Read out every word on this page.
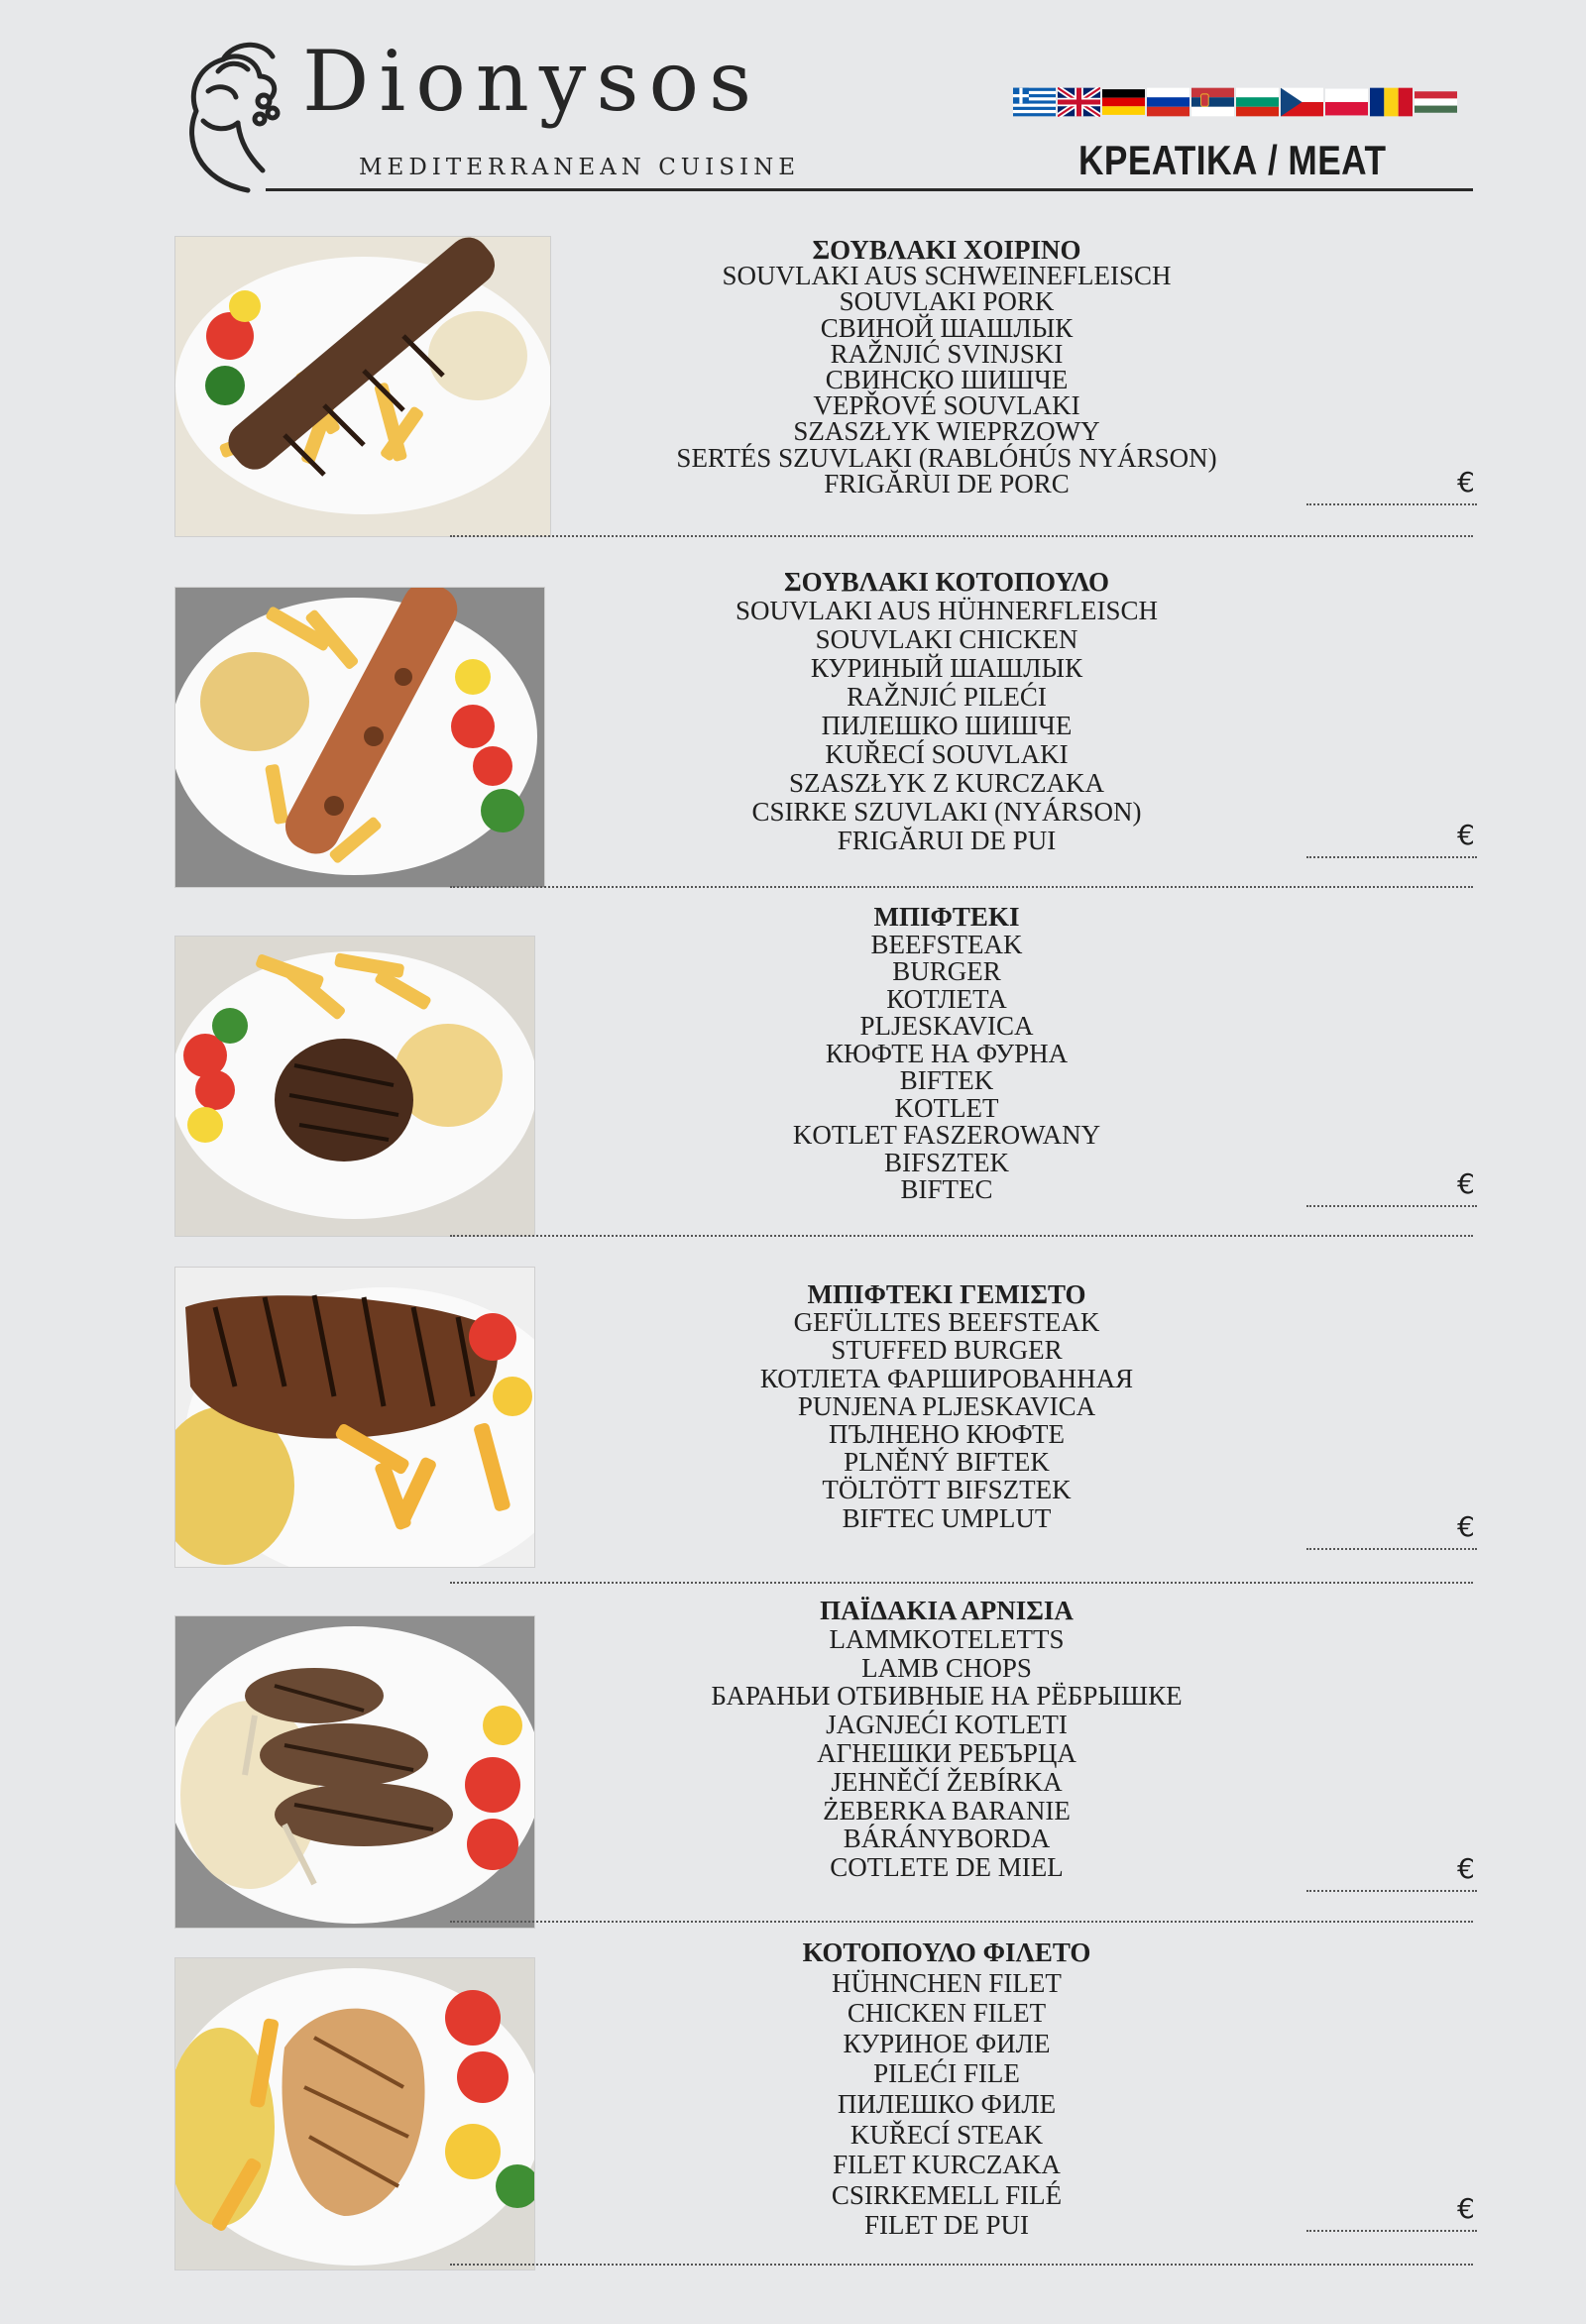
Dionysos
MEDITERRANEAN CUISINE	ΚΡΕΑΤΙΚΑ / MEAT
ΣΟΥΒΛΑΚΙ ΧΟΙΡΙΝΟ
SOUVLAKI AUS SCHWEINEFLEISCH
SOUVLAKI PORK
СВИНОЙ ШАШЛЫК
RAŽNJIĆ SVINJSKI
СВИНСКО ШИШЧЕ
VEPŘOVÉ SOUVLAKI
SZASZŁYK WIEPRZOWY
SERTÉS SZUVLAKI (RABLÓHÚS NYÁRSON)
FRIGĂRUI DE PORC	€
ΣΟΥΒΛΑΚΙ ΚΟΤΟΠΟΥΛΟ
SOUVLAKI AUS HÜHNERFLEISCH
SOUVLAKI CHICKEN
КУРИНЫЙ ШАШЛЫК
RAŽNJIĆ PILEĆI
ПИЛЕШКО ШИШЧЕ
KUŘECÍ SOUVLAKI
SZASZŁYK Z KURCZAKA
CSIRKE SZUVLAKI (NYÁRSON)
FRIGĂRUI DE PUI	€
ΜΠΙΦΤΕΚΙ
BEEFSTEAK
BURGER
КОТЛЕТА
PLJESKAVICA
КЮФТЕ НА ФУРНА
BIFTEK
KOTLET
KOTLET FASZEROWANY
BIFSZTEK
BIFTEC	€
ΜΠΙΦΤΕΚΙ ΓΕΜΙΣΤΟ
GEFÜLLTES BEEFSTEAK
STUFFED BURGER
КОТЛЕТА ФАРШИРОВАННАЯ
PUNJENA PLJESKAVICA
ПЪЛНЕНО КЮФТЕ
PLNĚNÝ BIFTEK
TÖLTÖTT BIFSZTEK
BIFTEC UMPLUT	€
ΠΑΪΔΑΚΙΑ ΑΡΝΙΣΙΑ
LAMMKOTELETTS
LAMB CHOPS
БАРАНЬИ ОТБИВНЫЕ НА РЁБРЫШКЕ
JAGNJEĆI KOTLETI
АГНЕШКИ РЕБЪРЦА
JEHNĚČÍ ŽEBÍRKA
ŻEBERKA BARANIE
BÁRÁNYBORDA
COTLETE DE MIEL	€
ΚΟΤΟΠΟΥΛΟ ΦΙΛΕΤΟ
HÜHNCHEN FILET
CHICKEN FILET
КУРИНОЕ ФИЛЕ
PILEĆI FILE
ПИЛЕШКО ФИЛЕ
KUŘECÍ STEAK
FILET KURCZAKA
CSIRKEMELL FILÉ
FILET DE PUI
€
